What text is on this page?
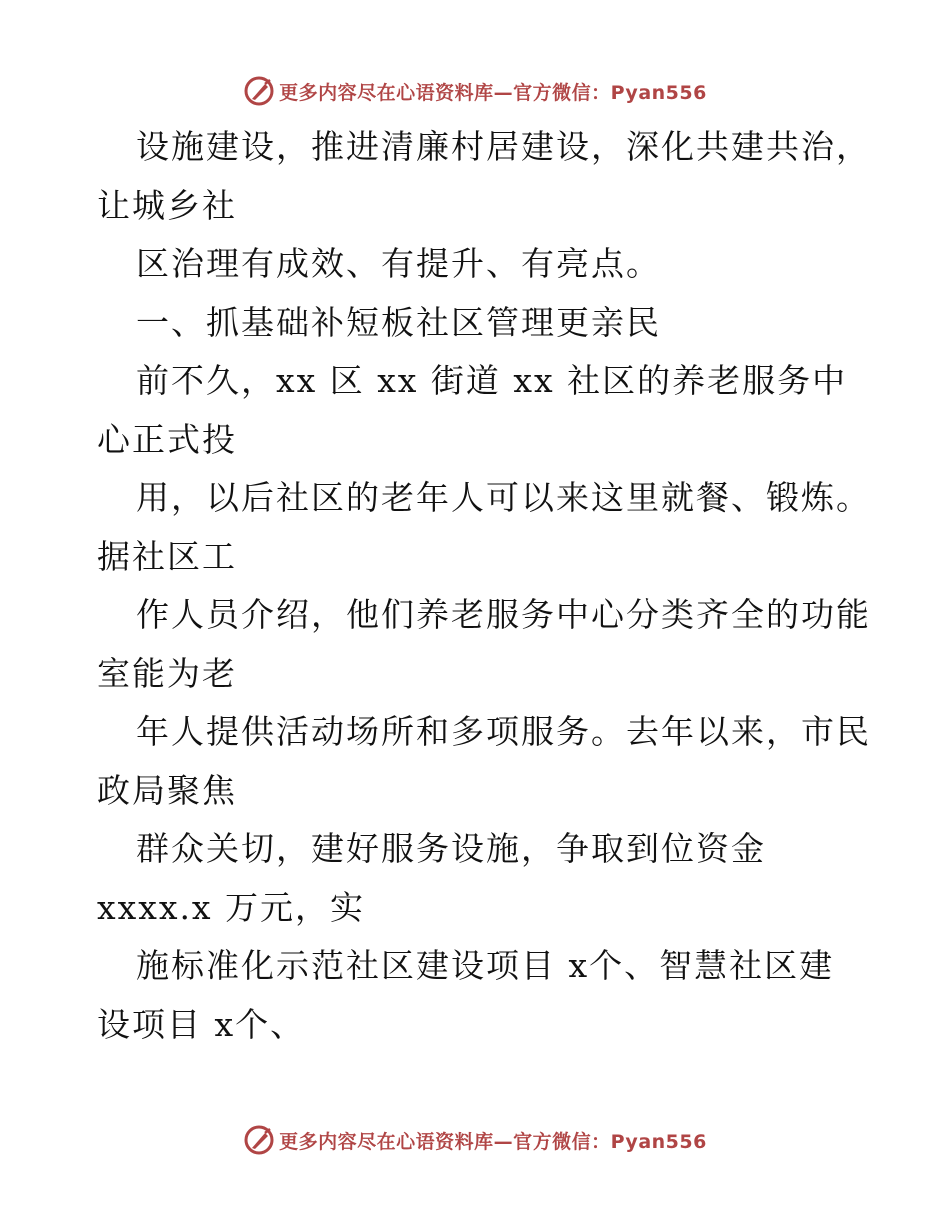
更多内容尽在心语资料库—官方微信：Pyan556
设施建设，推进清廉村居建设，深化共建共治，
让城乡社
区治理有成效、有提升、有亮点。
一、抓基础补短板社区管理更亲民
前不久，xx 区 xx 街道 xx 社区的养老服务中
心正式投
用，以后社区的老年人可以来这里就餐、锻炼。
据社区工
作人员介绍，他们养老服务中心分类齐全的功能
室能为老
年人提供活动场所和多项服务。去年以来，市民
政局聚焦
群众关切，建好服务设施，争取到位资金
xxxx.x 万元，实
施标准化示范社区建设项目 x个、智慧社区建
设项目 x个、
更多内容尽在心语资料库—官方微信：Pyan556
